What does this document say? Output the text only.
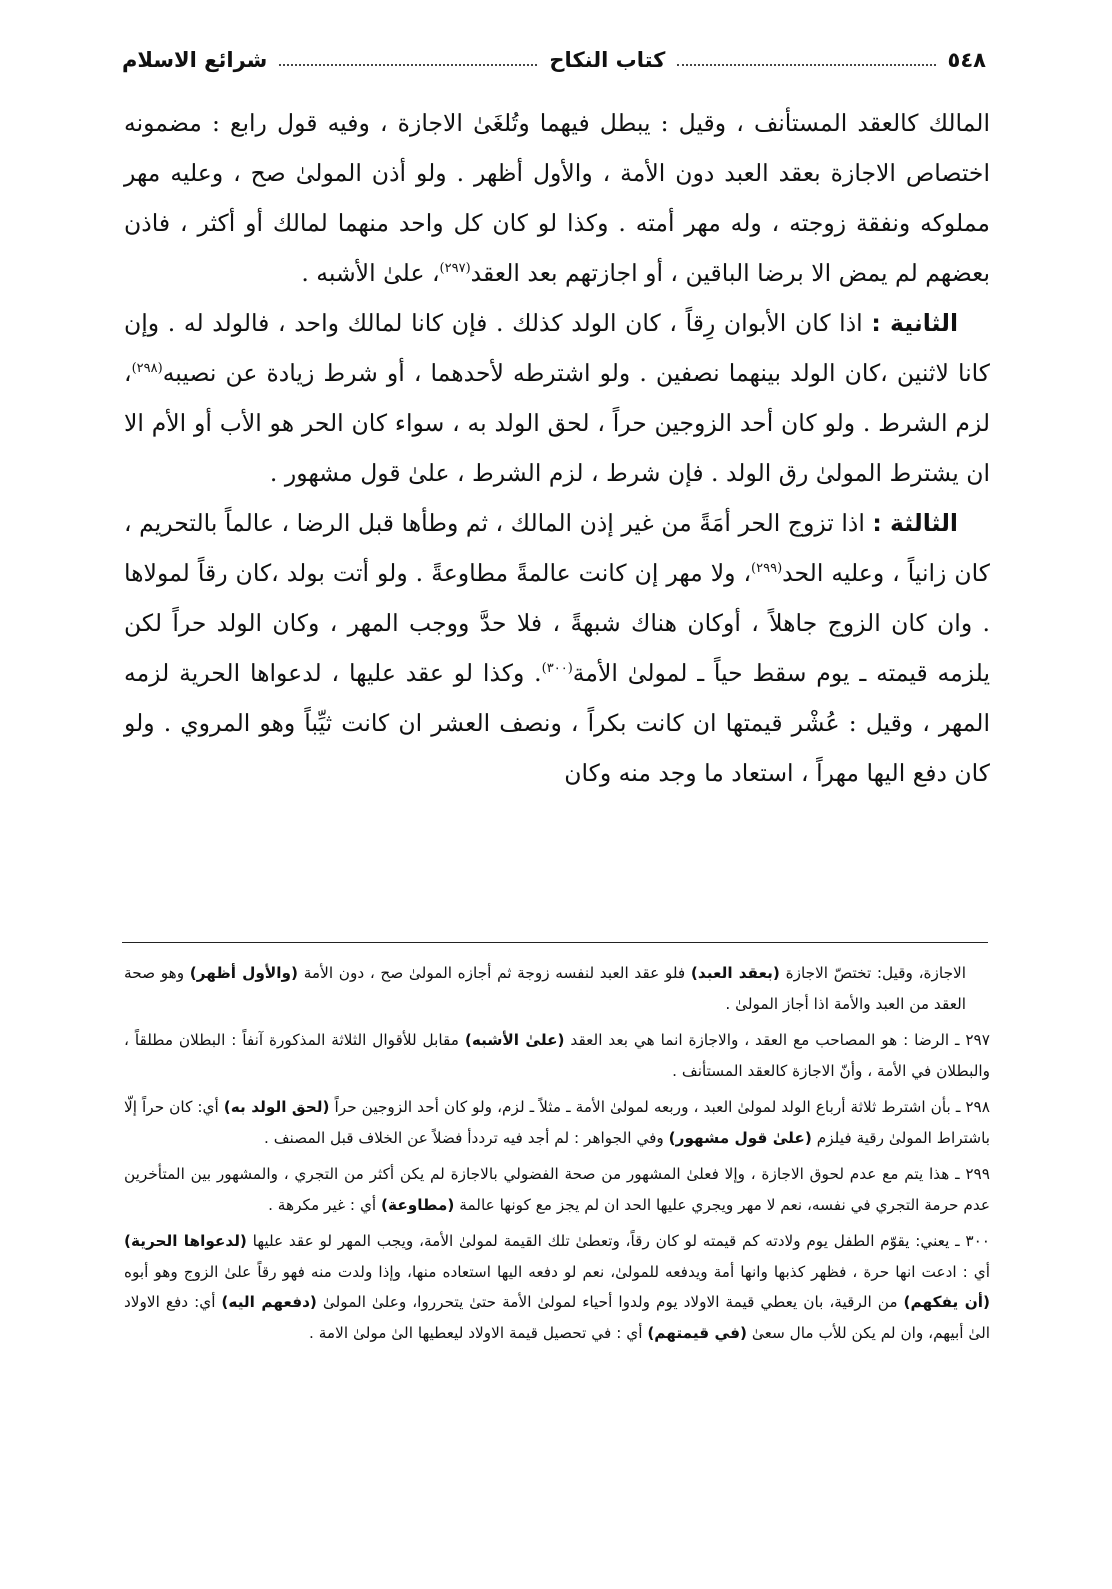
٥٤٨
كتاب النكاح
شرائع الاسلام

المالك كالعقد المستأنف ، وقيل : يبطل فيهما وتُلغَىٰ الاجازة ، وفيه قول رابع : مضمونه اختصاص الاجازة بعقد العبد دون الأمة ، والأول أظهر . ولو أذن المولىٰ صح ، وعليه مهر مملوكه ونفقة زوجته ، وله مهر أمته . وكذا لو كان كل واحد منهما لمالك أو أكثر ، فاذن بعضهم لم يمض الا برضا الباقين ، أو اجازتهم بعد العقد$^{(٢٩٧)}$، علىٰ الأشبه .

الثانية : اذا كان الأبوان رِقاً ، كان الولد كذلك . فإن كانا لمالك واحد ، فالولد له . وإن كانا لاثنين ،كان الولد بينهما نصفين . ولو اشترطه لأحدهما ، أو شرط زيادة عن نصيبه$^{(٢٩٨)}$، لزم الشرط . ولو كان أحد الزوجين حراً ، لحق الولد به ، سواء كان الحر هو الأب أو الأم الا ان يشترط المولىٰ رق الولد . فإن شرط ، لزم الشرط ، علىٰ قول مشهور .

الثالثة : اذا تزوج الحر أمَةً من غير إذن المالك ، ثم وطأها قبل الرضا ، عالماً بالتحريم ، كان زانياً ، وعليه الحد$^{(٢٩٩)}$، ولا مهر إن كانت عالمةً مطاوعةً . ولو أتت بولد ،كان رقاً لمولاها . وان كان الزوج جاهلاً ، أوكان هناك شبهةً ، فلا حدَّ ووجب المهر ، وكان الولد حراً لكن يلزمه قيمته ـ يوم سقط حياً ـ لمولىٰ الأمة$^{(٣٠٠)}$. وكذا لو عقد عليها ، لدعواها الحرية لزمه المهر ، وقيل : عُشْر قيمتها ان كانت بكراً ، ونصف العشر ان كانت ثيِّباً وهو المروي . ولو كان دفع اليها مهراً ، استعاد ما وجد منه وكان

الاجازة، وقيل: تختصّ الاجازة (بعقد العبد) فلو عقد العبد لنفسه زوجة ثم أجازه المولىٰ صح ، دون الأمة (والأول أظهر) وهو صحة العقد من العبد والأمة اذا أجاز المولىٰ .

٢٩٧ ـ الرضا : هو المصاحب مع العقد ، والاجازة انما هي بعد العقد (علىٰ الأشبه) مقابل للأقوال الثلاثة المذكورة آنفاً : البطلان مطلقاً ، والبطلان في الأمة ، وأنّ الاجازة كالعقد المستأنف .

٢٩٨ ـ بأن اشترط ثلاثة أرباع الولد لمولىٰ العبد ، وربعه لمولىٰ الأمة ـ مثلاً ـ لزم، ولو كان أحد الزوجين حراً (لحق الولد به) أي: كان حراً إلّا باشتراط المولىٰ رقية فيلزم (علىٰ قول مشهور) وفي الجواهر : لم أجد فيه ترددأ فضلاً عن الخلاف قبل المصنف .

٢٩٩ ـ هذا يتم مع عدم لحوق الاجازة ، وإلا فعلىٰ المشهور من صحة الفضولي بالاجازة لم يكن أكثر من التجري ، والمشهور بين المتأخرين عدم حرمة التجري في نفسه، نعم لا مهر ويجري عليها الحد ان لم يجز مع كونها عالمة (مطاوعة) أي : غير مكرهة .

٣٠٠ ـ يعني: يقوّم الطفل يوم ولادته كم قيمته لو كان رقاً، وتعطىٰ تلك القيمة لمولىٰ الأمة، ويجب المهر لو عقد عليها (لدعواها الحرية) أي : ادعت انها حرة ، فظهر كذبها وانها أمة ويدفعه للمولىٰ، نعم لو دفعه اليها استعاده منها، وإذا ولدت منه فهو رقاً علىٰ الزوج وهو أبوه (أن يفكهم) من الرقية، بان يعطي قيمة الاولاد يوم ولدوا أحياء لمولىٰ الأمة حتىٰ يتحرروا، وعلىٰ المولىٰ (دفعهم اليه) أي: دفع الاولاد الىٰ أبيهم، وان لم يكن للأب مال سعىٰ (في قيمتهم) أي : في تحصيل قيمة الاولاد ليعطيها الىٰ مولىٰ الامة .
